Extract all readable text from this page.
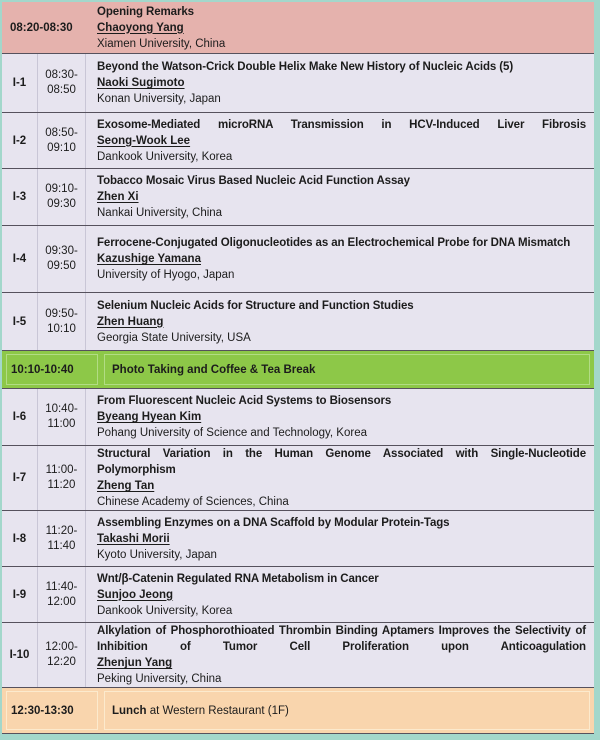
08:20-08:30
Opening Remarks
Chaoyong Yang
Xiamen University, China
I-1
08:30-
08:50
Beyond the Watson-Crick Double Helix Make New History of Nucleic Acids (5)
Naoki Sugimoto
Konan University, Japan
I-2
08:50-
09:10
Exosome-Mediated microRNA Transmission in HCV-Induced Liver Fibrosis
Seong-Wook Lee
Dankook University, Korea
I-3
09:10-
09:30
Tobacco Mosaic Virus Based Nucleic Acid Function Assay
Zhen Xi
Nankai University, China
I-4
09:30-
09:50
Ferrocene-Conjugated Oligonucleotides as an Electrochemical Probe for DNA Mismatch
Kazushige Yamana
University of Hyogo, Japan
I-5
09:50-
10:10
Selenium Nucleic Acids for Structure and Function Studies
Zhen Huang
Georgia State University, USA
10:10-10:40	Photo Taking and Coffee & Tea Break
I-6
10:40-
11:00
From Fluorescent Nucleic Acid Systems to Biosensors
Byeang Hyean Kim
Pohang University of Science and Technology, Korea
I-7
11:00-
11:20
Structural Variation in the Human Genome Associated with Single-Nucleotide Polymorphism
Zheng Tan
Chinese Academy of Sciences, China
I-8
11:20-
11:40
Assembling Enzymes on a DNA Scaffold by Modular Protein-Tags
Takashi Morii
Kyoto University, Japan
I-9
11:40-
12:00
Wnt/β-Catenin Regulated RNA Metabolism in Cancer
Sunjoo Jeong
Dankook University, Korea
I-10
12:00-
12:20
Alkylation of Phosphorothioated Thrombin Binding Aptamers Improves the Selectivity of Inhibition of Tumor Cell Proliferation upon Anticoagulation
Zhenjun Yang
Peking University, China
12:30-13:30	Lunch at Western Restaurant (1F)
